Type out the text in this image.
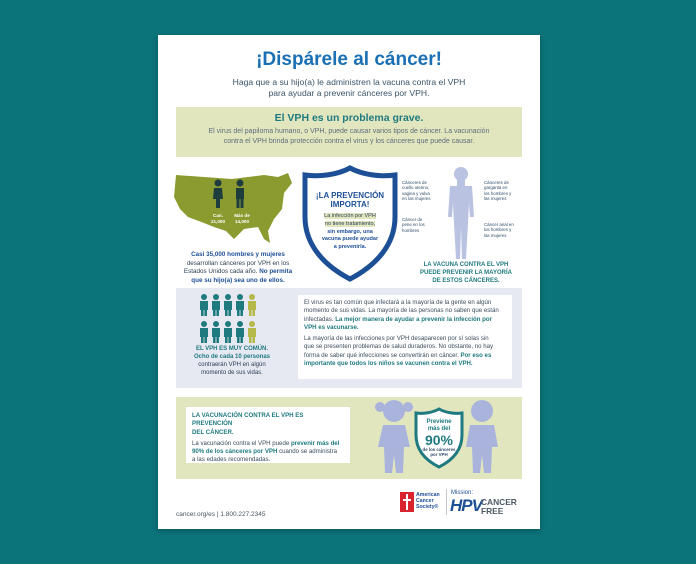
¡Dispárele al cáncer!
Haga que a su hijo(a) le administren la vacuna contra el VPH
para ayudar a prevenir cánceres por VPH.
El VPH es un problema grave.
El virus del papiloma humano, o VPH, puede causar varios tipos de cáncer. La vacunación
contra el VPH brinda protección contra el virus y los cánceres que puede causar.
Can. 21,000
Más de 14,000
Casi 35,000 hombres y mujeres
desarrollan cánceres por VPH en los
Estados Unidos cada año. No permita
que su hijo(a) sea uno de ellos.
¡LA PREVENCIÓN
IMPORTA!
La infección por VPH
no tiene tratamiento,
sin embargo, una
vacuna puede ayudar
a prevenirla.
Cánceres de
cuello uterino,
vagina y vulva
en las mujeres
Cáncer de
pene en los
hombres
Cánceres de
garganta en
los hombres y
las mujeres
Cáncer anal en
los hombres y
las mujeres
LA VACUNA CONTRA EL VPH
PUEDE PREVENIR LA MAYORÍA
DE ESTOS CÁNCERES.
EL VPH ES MUY COMÚN.
Ocho de cada 10 personas
contraerán VPH en algún
momento de sus vidas.
El virus es tan común que infectará a la mayoría de la gente en algún
momento de sus vidas. La mayoría de las personas no saben que están
infectadas. La mejor manera de ayudar a prevenir la infección por
VPH es vacunarse.
La mayoría de las infecciones por VPH desaparecen por sí solas sin
que se presenten problemas de salud duraderos. No obstante, no hay
forma de saber qué infecciones se convertirán en cáncer. Por eso es
importante que todos los niños se vacunen contra el VPH.
LA VACUNACIÓN CONTRA EL VPH ES PREVENCIÓN
DEL CÁNCER.
La vacunación contra el VPH puede prevenir más del
90% de los cánceres por VPH cuando se administra
a las edades recomendadas.
Previene
más del
90%
de los cánceres
por VPH
cancer.org/es | 1.800.227.2345
American
Cancer
Society®
Mission:
HPV CANCER
FREE
